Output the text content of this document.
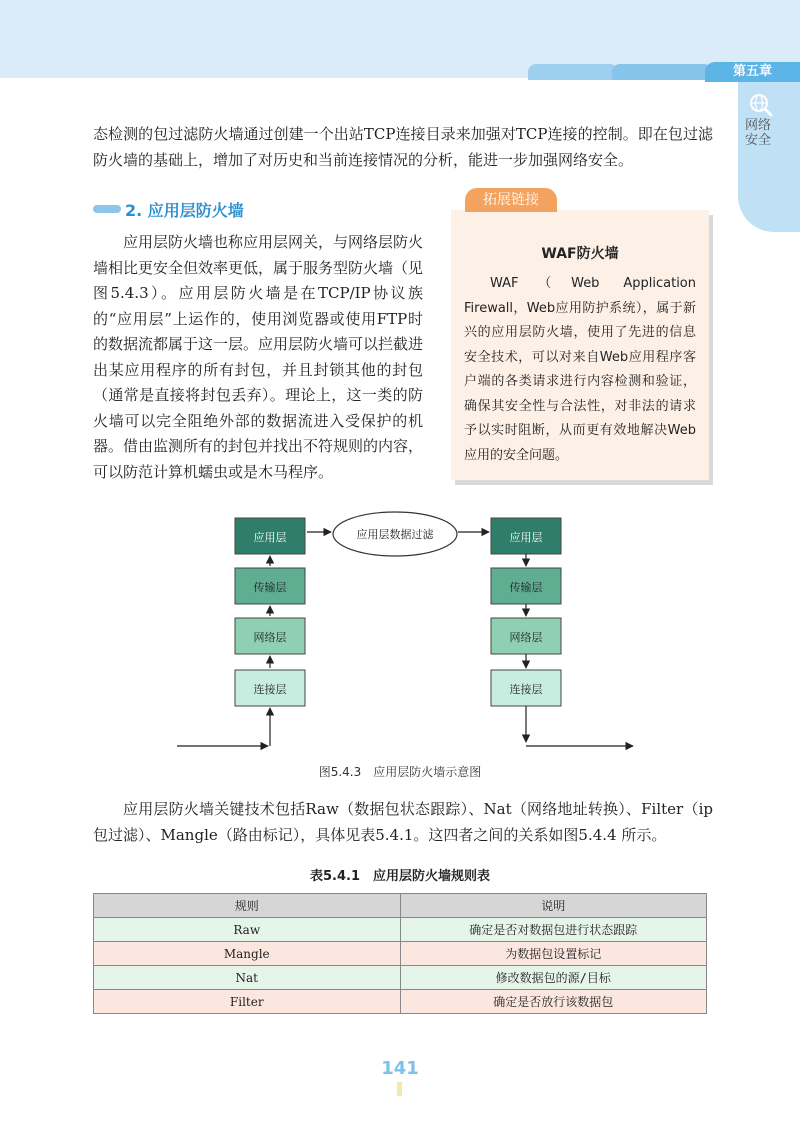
第五章
网络安全
态检测的包过滤防火墙通过创建一个出站TCP连接目录来加强对TCP连接的控制。即在包过滤防火墙的基础上，增加了对历史和当前连接情况的分析，能进一步加强网络安全。
2. 应用层防火墙
应用层防火墙也称应用层网关，与网络层防火墙相比更安全但效率更低，属于服务型防火墙（见图5.4.3）。应用层防火墙是在TCP/IP协议族的“应用层”上运作的，使用浏览器或使用FTP时的数据流都属于这一层。应用层防火墙可以拦截进出某应用程序的所有封包，并且封锁其他的封包（通常是直接将封包丢弃）。理论上，这一类的防火墙可以完全阻绝外部的数据流进入受保护的机器。借由监测所有的封包并找出不符规则的内容，可以防范计算机蠕虫或是木马程序。
拓展链接
WAF防火墙
WAF（Web Application Firewall，Web应用防护系统），属于新兴的应用层防火墙，使用了先进的信息安全技术，可以对来自Web应用程序客户端的各类请求进行内容检测和验证，确保其安全性与合法性，对非法的请求予以实时阻断，从而更有效地解决Web应用的安全问题。
应用层
传输层
网络层
连接层
应用层数据过滤	应用层
传输层
网络层
连接层
图5.4.3　应用层防火墙示意图
应用层防火墙关键技术包括Raw（数据包状态跟踪）、Nat（网络地址转换）、Filter（ip包过滤）、Mangle（路由标记），具体见表5.4.1。这四者之间的关系如图5.4.4 所示。
表5.4.1　应用层防火墙规则表
规则	说明
Raw	确定是否对数据包进行状态跟踪
Mangle	为数据包设置标记
Nat	修改数据包的源/目标
Filter	确定是否放行该数据包
141
